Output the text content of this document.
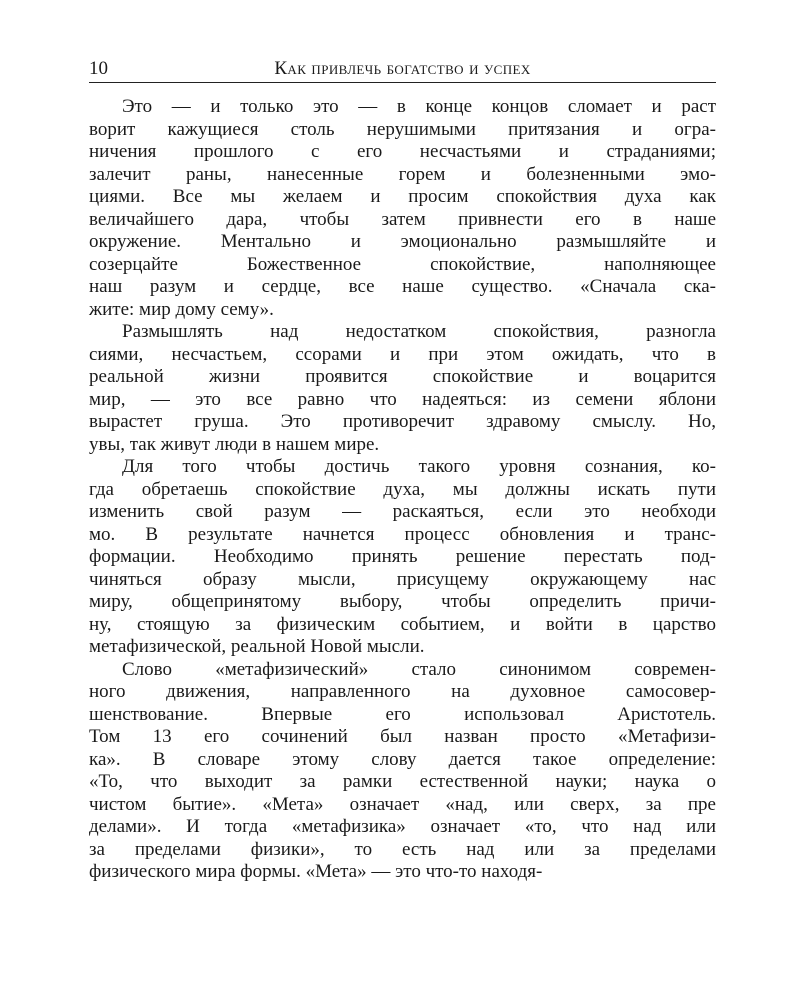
10	Как привлечь богатство и успех
Это — и только это — в конце концов сломает и раст
ворит кажущиеся столь нерушимыми притязания и огра-
ничения прошлого с его несчастьями и страданиями;
залечит раны, нанесенные горем и болезненными эмо-
циями. Все мы желаем и просим спокойствия духа как
величайшего дара, чтобы затем привнести его в наше
окружение. Ментально и эмоционально размышляйте и
созерцайте Божественное спокойствие, наполняющее
наш разум и сердце, все наше существо. «Сначала ска-
жите: мир дому сему».
Размышлять над недостатком спокойствия, разногла
сиями, несчастьем, ссорами и при этом ожидать, что в
реальной жизни проявится спокойствие и воцарится
мир, — это все равно что надеяться: из семени яблони
вырастет груша. Это противоречит здравому смыслу. Но,
увы, так живут люди в нашем мире.
Для того чтобы достичь такого уровня сознания, ко-
гда обретаешь спокойствие духа, мы должны искать пути
изменить свой разум — раскаяться, если это необходи
мо. В результате начнется процесс обновления и транс-
формации. Необходимо принять решение перестать под-
чиняться образу мысли, присущему окружающему нас
миру, общепринятому выбору, чтобы определить причи-
ну, стоящую за физическим событием, и войти в царство
метафизической, реальной Новой мысли.
Слово «метафизический» стало синонимом современ-
ного движения, направленного на духовное самосовер-
шенствование. Впервые его использовал Аристотель.
Том 13 его сочинений был назван просто «Метафизи-
ка». В словаре этому слову дается такое определение:
«То, что выходит за рамки естественной науки; наука о
чистом бытие». «Мета» означает «над, или сверх, за пре
делами». И тогда «метафизика» означает «то, что над или
за пределами физики», то есть над или за пределами
физического мира формы. «Мета» — это что-то находя-
